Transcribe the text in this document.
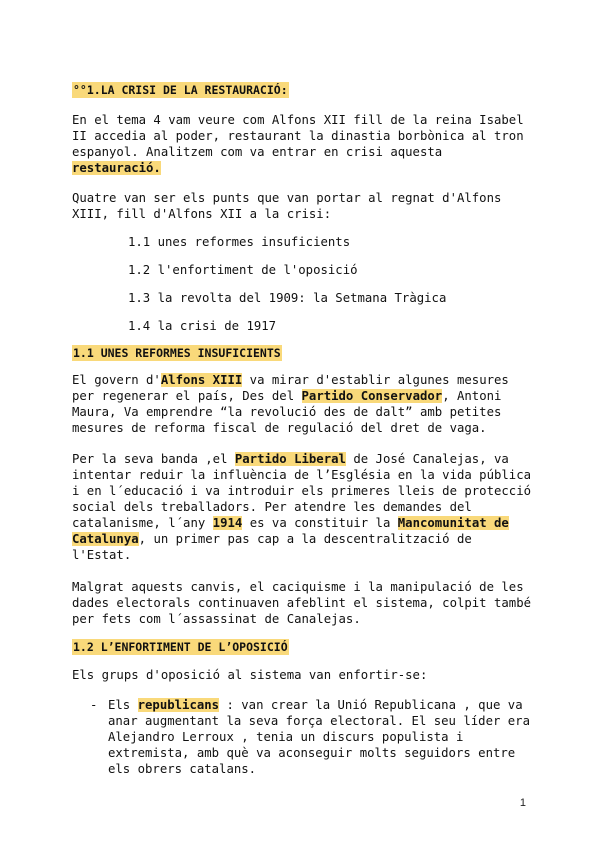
°°1.LA CRISI DE LA RESTAURACIÓ:

En el tema 4 vam veure com Alfons XII fill de la reina Isabel II accedia al poder, restaurant la dinastia borbònica al tron espanyol. Analitzem com va entrar en crisi aquesta restauració.

Quatre van ser els punts que van portar al regnat d'Alfons XIII, fill d'Alfons XII a la crisi:

1.1 unes reformes insuficients

1.2 l'enfortiment de l'oposició

1.3 la revolta del 1909: la Setmana Tràgica

1.4 la crisi de 1917

1.1 UNES REFORMES INSUFICIENTS

El govern d'Alfons XIII va mirar d'establir algunes mesures per regenerar el país, Des del Partido Conservador, Antoni Maura, Va emprendre “la revolució des de dalt” amb petites mesures de reforma fiscal de regulació del dret de vaga.

Per la seva banda ,el Partido Liberal de José Canalejas, va intentar reduir la influència de l’Església en la vida pública i en l´educació i va introduir els primeres lleis de protecció social dels treballadors. Per atendre les demandes del catalanisme, l´any 1914 es va constituir la Mancomunitat de Catalunya, un primer pas cap a la descentralització de l'Estat.

Malgrat aquests canvis, el caciquisme i la manipulació de les dades electorals continuaven afeblint el sistema, colpit també per fets com l´assassinat de Canalejas.

1.2 L’ENFORTIMENT DE L’OPOSICIÓ

Els grups d'oposició al sistema van enfortir-se:

- Els republicans : van crear la Unió Republicana , que va anar augmentant la seva força electoral. El seu líder era Alejandro Lerroux , tenia un discurs populista i extremista, amb què va aconseguir molts seguidors entre els obrers catalans.

1
